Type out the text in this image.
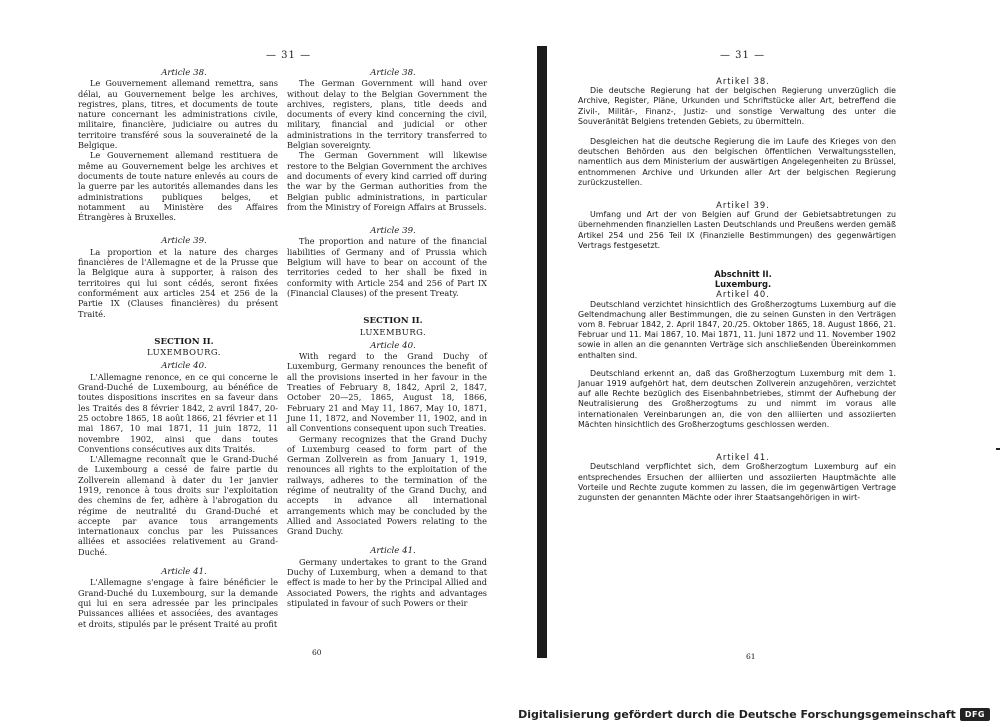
— 31 —

Article 38.

Le Gouvernement allemand remettra, sans délai, au Gouvernement belge les archives, registres, plans, titres, et documents de toute nature concernant les administrations civile, militaire, financière, judiciaire ou autres du territoire transféré sous la souveraineté de la Belgique.

Le Gouvernement allemand restituera de même au Gouvernement belge les archives et documents de toute nature enlevés au cours de la guerre par les autorités allemandes dans les administrations publiques belges, et notamment au Ministère des Affaires Étrangères à Bruxelles.

Article 39.

La proportion et la nature des charges financières de l'Allemagne et de la Prusse que la Belgique aura à supporter, à raison des territoires qui lui sont cédés, seront fixées conformément aux articles 254 et 256 de la Partie IX (Clauses financières) du présent Traité.

SECTION II.

LUXEMBOURG.

Article 40.

L'Allemagne renonce, en ce qui concerne le Grand-Duché de Luxembourg, au bénéfice de toutes dispositions inscrites en sa faveur dans les Traités des 8 février 1842, 2 avril 1847, 20-25 octobre 1865, 18 août 1866, 21 février et 11 mai 1867, 10 mai 1871, 11 juin 1872, 11 novembre 1902, ainsi que dans toutes Conventions consécutives aux dits Traités.

L'Allemagne reconnaît que le Grand-Duché de Luxembourg a cessé de faire partie du Zollverein allemand à dater du 1er janvier 1919, renonce à tous droits sur l'exploitation des chemins de fer, adhère à l'abrogation du régime de neutralité du Grand-Duché et accepte par avance tous arrangements internationaux conclus par les Puissances alliées et associées relativement au Grand-Duché.

Article 41.

L'Allemagne s'engage à faire bénéficier le Grand-Duché du Luxembourg, sur la demande qui lui en sera adressée par les principales Puissances alliées et associées, des avantages et droits, stipulés par le présent Traité au profit

Article 38.

The German Government will hand over without delay to the Belgian Government the archives, registers, plans, title deeds and documents of every kind concerning the civil, military, financial and judicial or other administrations in the territory transferred to Belgian sovereignty.

The German Government will likewise restore to the Belgian Government the archives and documents of every kind carried off during the war by the German authorities from the Belgian public administrations, in particular from the Ministry of Foreign Affairs at Brussels.

Article 39.

The proportion and nature of the financial liabilities of Germany and of Prussia which Belgium will have to bear on account of the territories ceded to her shall be fixed in conformity with Article 254 and 256 of Part IX (Financial Clauses) of the present Treaty.

SECTION II.

LUXEMBURG.

Article 40.

With regard to the Grand Duchy of Luxemburg, Germany renounces the benefit of all the provisions inserted in her favour in the Treaties of February 8, 1842, April 2, 1847, October 20—25, 1865, August 18, 1866, February 21 and May 11, 1867, May 10, 1871, June 11, 1872, and November 11, 1902, and in all Conventions consequent upon such Treaties.

Germany recognizes that the Grand Duchy of Luxemburg ceased to form part of the German Zollverein as from January 1, 1919, renounces all rights to the exploitation of the railways, adheres to the termination of the régime of neutrality of the Grand Duchy, and accepts in advance all international arrangements which may be concluded by the Allied and Associated Powers relating to the Grand Duchy.

Article 41.

Germany undertakes to grant to the Grand Duchy of Luxemburg, when a demand to that effect is made to her by the Principal Allied and Associated Powers, the rights and advantages stipulated in favour of such Powers or their

60
— 31 —

Artikel 38.

Die deutsche Regierung hat der belgischen Regierung unverzüglich die Archive, Register, Pläne, Urkunden und Schriftstücke aller Art, betreffend die Zivil-, Militär-, Finanz-, Justiz- und sonstige Verwaltung des unter die Souveränität Belgiens tretenden Gebiets, zu übermitteln.

Desgleichen hat die deutsche Regierung die im Laufe des Krieges von den deutschen Behörden aus den belgischen öffentlichen Verwaltungsstellen, namentlich aus dem Ministerium der auswärtigen Angelegenheiten zu Brüssel, entnommenen Archive und Urkunden aller Art der belgischen Regierung zurückzustellen.

Artikel 39.

Umfang und Art der von Belgien auf Grund der Gebietsabtretungen zu übernehmenden finanziellen Lasten Deutschlands und Preußens werden gemäß Artikel 254 und 256 Teil IX (Finanzielle Bestimmungen) des gegenwärtigen Vertrags festgesetzt.

Abschnitt II.

Luxemburg.

Artikel 40.

Deutschland verzichtet hinsichtlich des Großherzogtums Luxemburg auf die Geltendmachung aller Bestimmungen, die zu seinen Gunsten in den Verträgen vom 8. Februar 1842, 2. April 1847, 20./25. Oktober 1865, 18. August 1866, 21. Februar und 11. Mai 1867, 10. Mai 1871, 11. Juni 1872 und 11. November 1902 sowie in allen an die genannten Verträge sich anschließenden Übereinkommen enthalten sind.

Deutschland erkennt an, daß das Großherzogtum Luxemburg mit dem 1. Januar 1919 aufgehört hat, dem deutschen Zollverein anzugehören, verzichtet auf alle Rechte bezüglich des Eisenbahnbetriebes, stimmt der Aufhebung der Neutralisierung des Großherzogtums zu und nimmt im voraus alle internationalen Vereinbarungen an, die von den alliierten und assoziierten Mächten hinsichtlich des Großherzogtums geschlossen werden.

Artikel 41.

Deutschland verpflichtet sich, dem Großherzogtum Luxemburg auf ein entsprechendes Ersuchen der alliierten und assoziierten Hauptmächte alle Vorteile und Rechte zugute kommen zu lassen, die im gegenwärtigen Vertrage zugunsten der genannten Mächte oder ihrer Staatsangehörigen in wirt-

61
Digitalisierung gefördert durch die Deutsche Forschungsgemeinschaft	DFG
